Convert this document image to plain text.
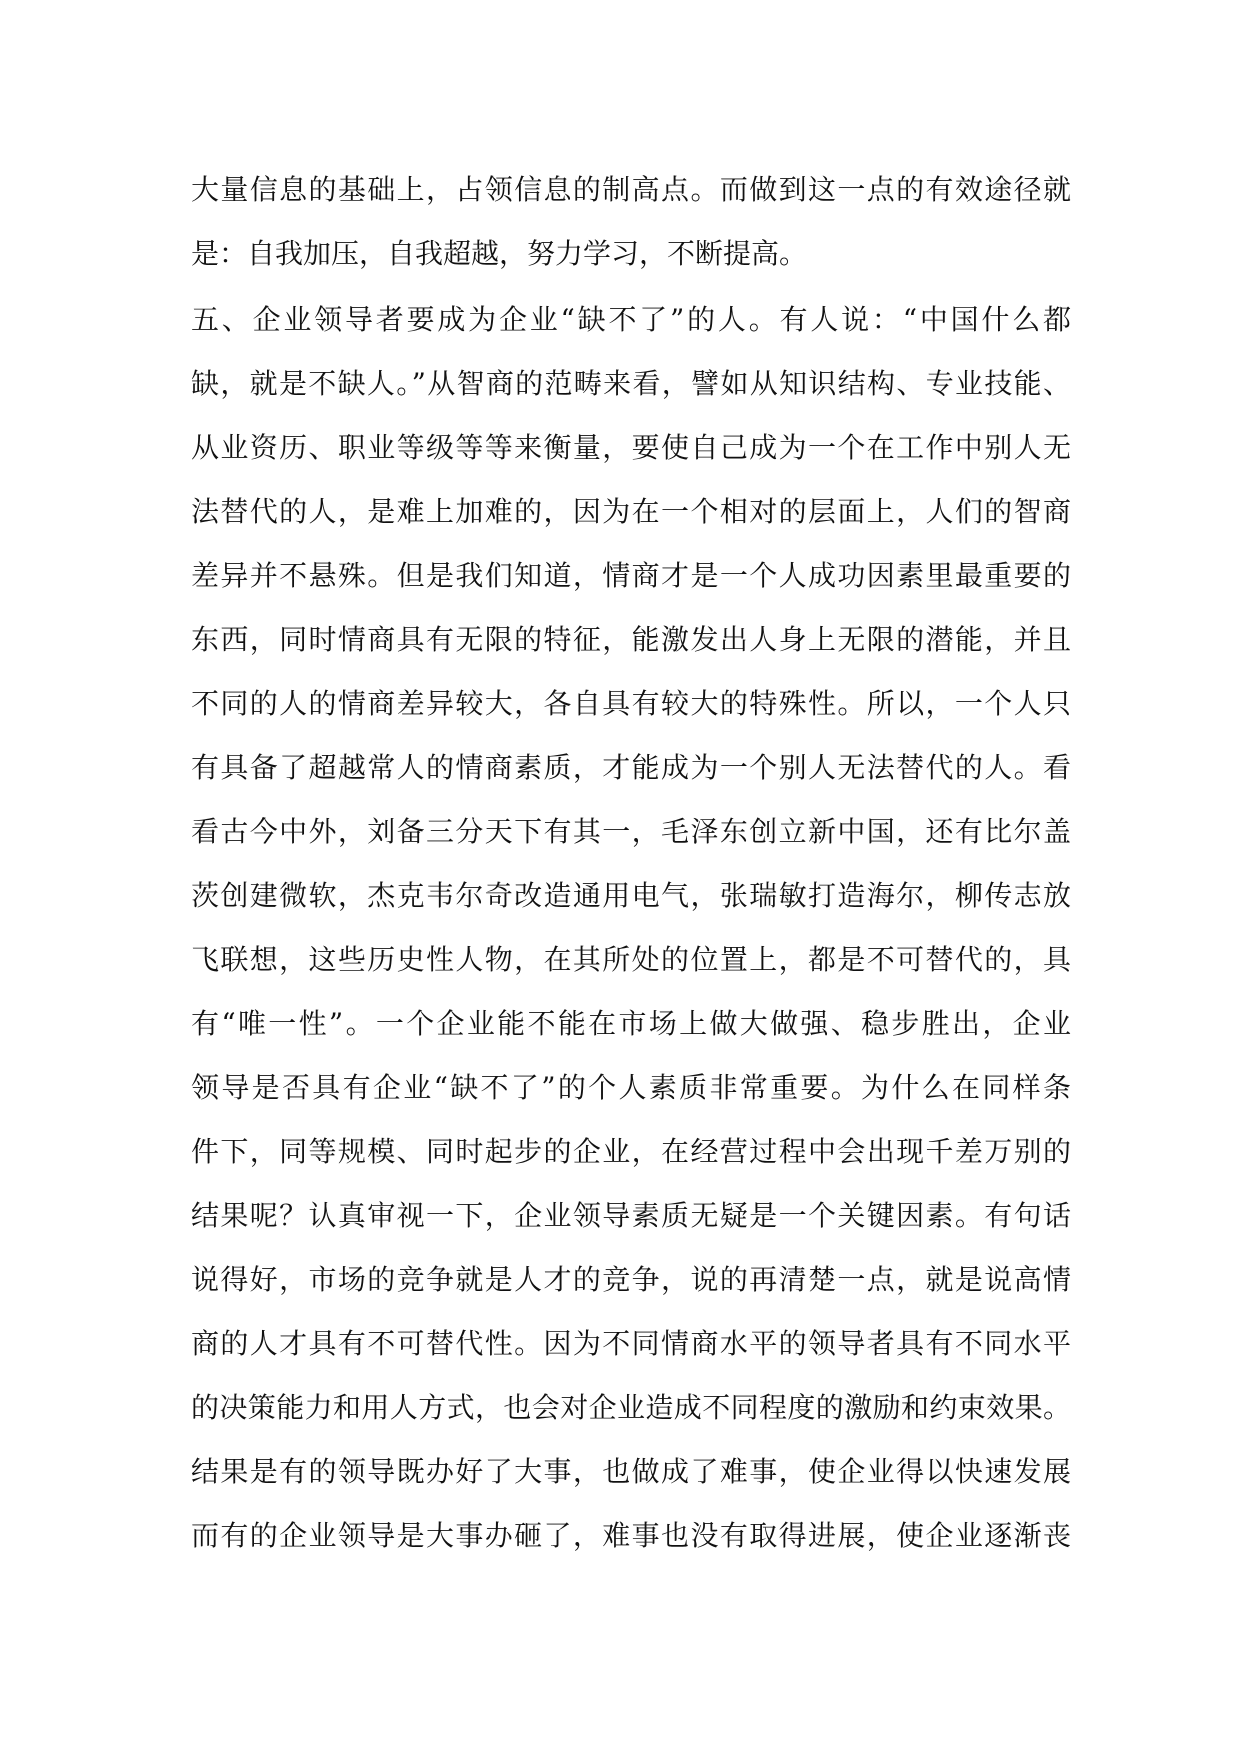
大量信息的基础上，占领信息的制高点。而做到这一点的有效途径就
是：自我加压，自我超越，努力学习，不断提高。
五、企业领导者要成为企业“缺不了”的人。有人说：“中国什么都
缺，就是不缺人。”从智商的范畴来看，譬如从知识结构、专业技能、
从业资历、职业等级等等来衡量，要使自己成为一个在工作中别人无
法替代的人，是难上加难的，因为在一个相对的层面上，人们的智商
差异并不悬殊。但是我们知道，情商才是一个人成功因素里最重要的
东西，同时情商具有无限的特征，能激发出人身上无限的潜能，并且
不同的人的情商差异较大，各自具有较大的特殊性。所以，一个人只
有具备了超越常人的情商素质，才能成为一个别人无法替代的人。看
看古今中外，刘备三分天下有其一，毛泽东创立新中国，还有比尔盖
茨创建微软，杰克韦尔奇改造通用电气，张瑞敏打造海尔，柳传志放
飞联想，这些历史性人物，在其所处的位置上，都是不可替代的，具
有“唯一性”。一个企业能不能在市场上做大做强、稳步胜出，企业
领导是否具有企业“缺不了”的个人素质非常重要。为什么在同样条
件下，同等规模、同时起步的企业，在经营过程中会出现千差万别的
结果呢？认真审视一下，企业领导素质无疑是一个关键因素。有句话
说得好，市场的竞争就是人才的竞争，说的再清楚一点，就是说高情
商的人才具有不可替代性。因为不同情商水平的领导者具有不同水平
的决策能力和用人方式，也会对企业造成不同程度的激励和约束效果。
结果是有的领导既办好了大事，也做成了难事，使企业得以快速发展
而有的企业领导是大事办砸了，难事也没有取得进展，使企业逐渐丧
